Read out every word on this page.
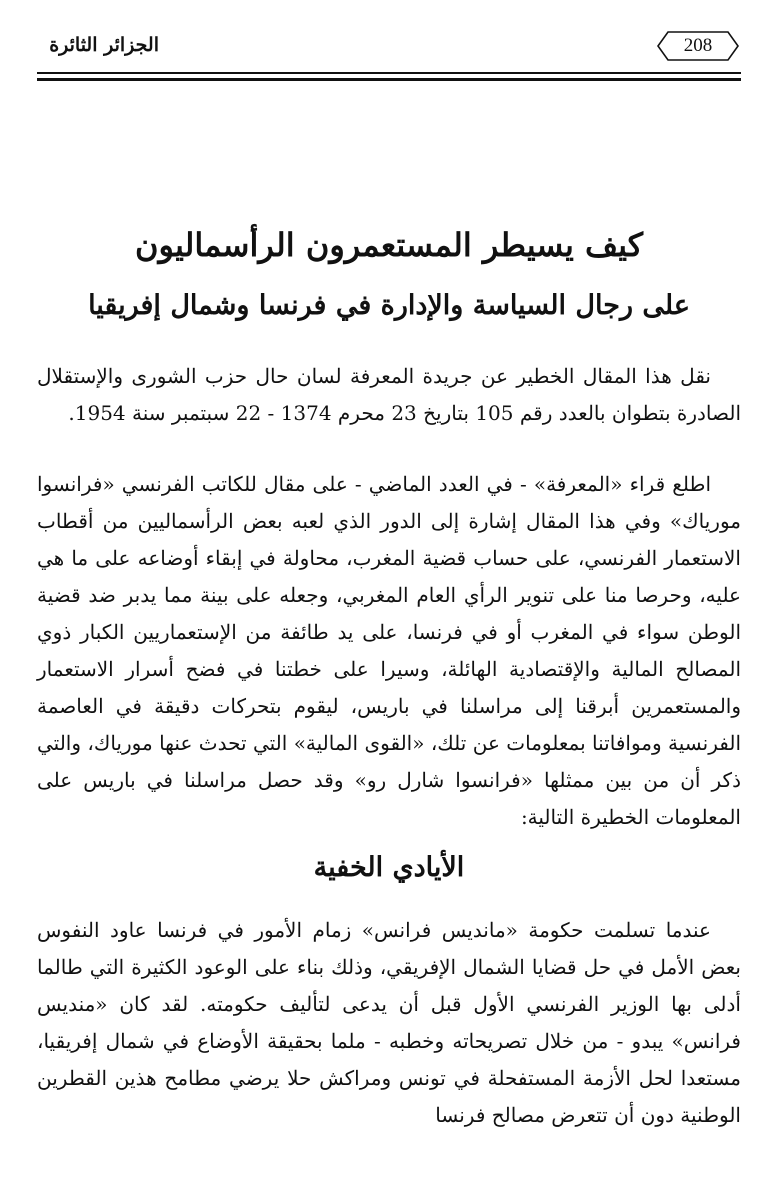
الجزائر الثائرة	208
كيف يسيطر المستعمرون الرأسماليون
على رجال السياسة والإدارة في فرنسا وشمال إفريقيا
نقل هذا المقال الخطير عن جريدة المعرفة لسان حال حزب الشورى والإستقلال الصادرة بتطوان بالعدد رقم 105 بتاريخ 23 محرم 1374 - 22 سبتمبر سنة 1954.
اطلع قراء «المعرفة» - في العدد الماضي - على مقال للكاتب الفرنسي «فرانسوا موریاك» وفي هذا المقال إشارة إلى الدور الذي لعبه بعض الرأسماليين من أقطاب الاستعمار الفرنسي، على حساب قضية المغرب، محاولة في إبقاء أوضاعه على ما هي عليه، وحرصا منا على تنوير الرأي العام المغربي، وجعله على بينة مما يدبر ضد قضية الوطن سواء في المغرب أو في فرنسا، على يد طائفة من الإستعماريين الكبار ذوي المصالح المالية والإقتصادية الهائلة، وسيرا على خطتنا في فضح أسرار الاستعمار والمستعمرين أبرقنا إلى مراسلنا في باريس، ليقوم بتحركات دقيقة في العاصمة الفرنسية وموافاتنا بمعلومات عن تلك، «القوى المالية» التي تحدث عنها موریاك، والتي ذكر أن من بين ممثلها «فرانسوا شارل رو» وقد حصل مراسلنا في باريس على المعلومات الخطيرة التالية:
الأيادي الخفية
عندما تسلمت حكومة «مانديس فرانس» زمام الأمور في فرنسا عاود النفوس بعض الأمل في حل قضايا الشمال الإفريقي، وذلك بناء على الوعود الكثيرة التي طالما أدلى بها الوزير الفرنسي الأول قبل أن يدعى لتأليف حكومته. لقد كان «منديس فرانس» يبدو - من خلال تصريحاته وخطبه - ملما بحقيقة الأوضاع في شمال إفريقيا، مستعدا لحل الأزمة المستفحلة في تونس ومراكش حلا يرضي مطامح هذين القطرين الوطنية دون أن تتعرض مصالح فرنسا
